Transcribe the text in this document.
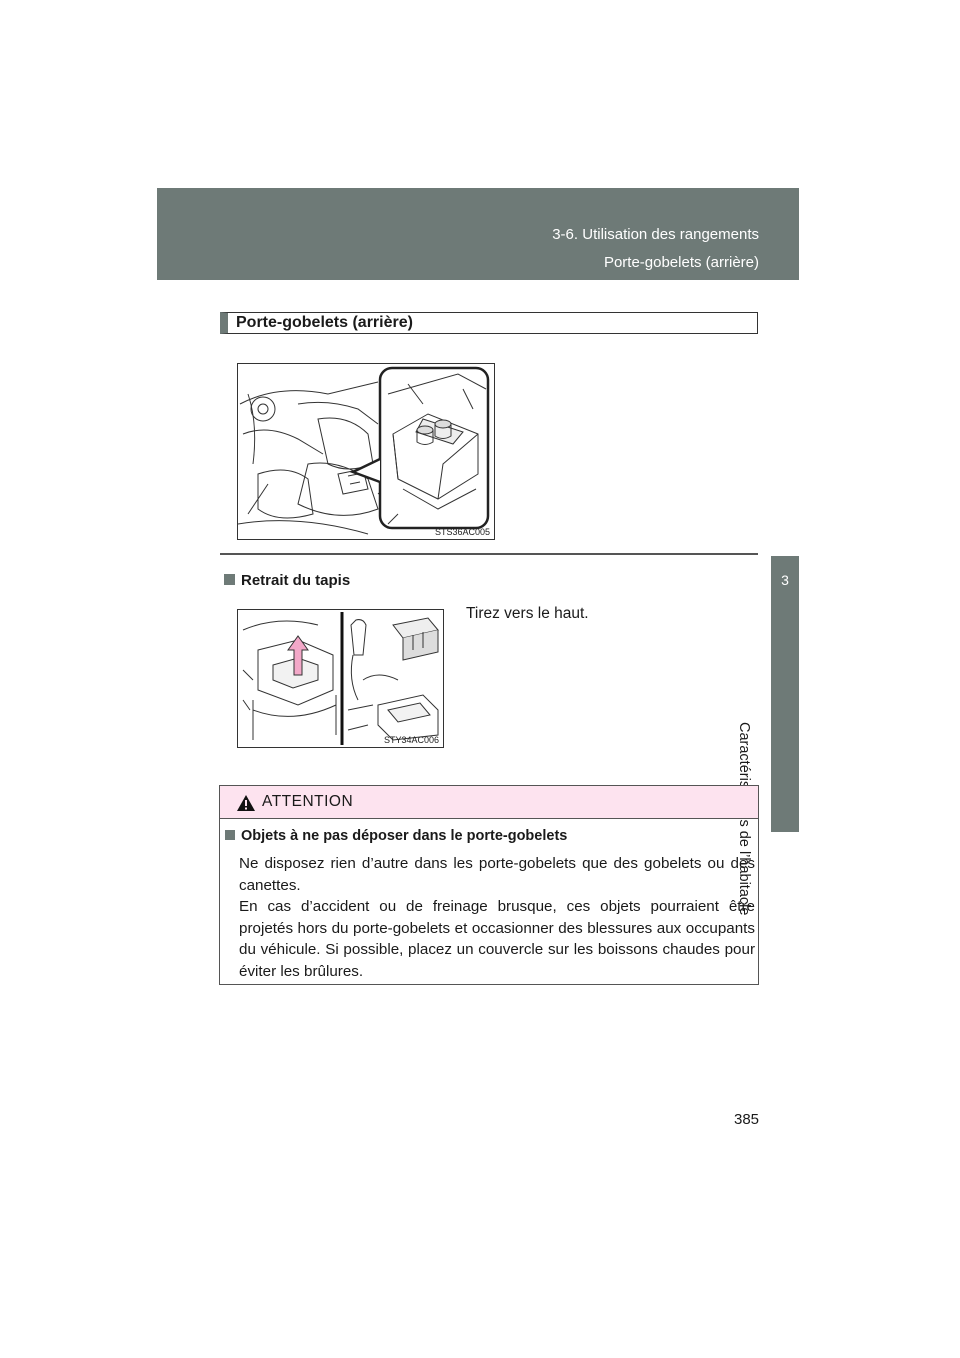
3-6. Utilisation des rangements
Porte-gobelets (arrière)
3
Porte-gobelets (arrière)
STS36AC005
Retrait du tapis
STY34AC006
Tirez vers le haut.
ATTENTION
Objets à ne pas déposer dans le porte-gobelets

Ne disposez rien d’autre dans les porte-gobelets que des gobelets ou des canettes.

En cas d’accident ou de freinage brusque, ces objets pourraient être projetés hors du porte-gobelets et occasionner des blessures aux occupants du véhicule. Si possible, placez un couvercle sur les boissons chaudes pour éviter les brûlures.

385
